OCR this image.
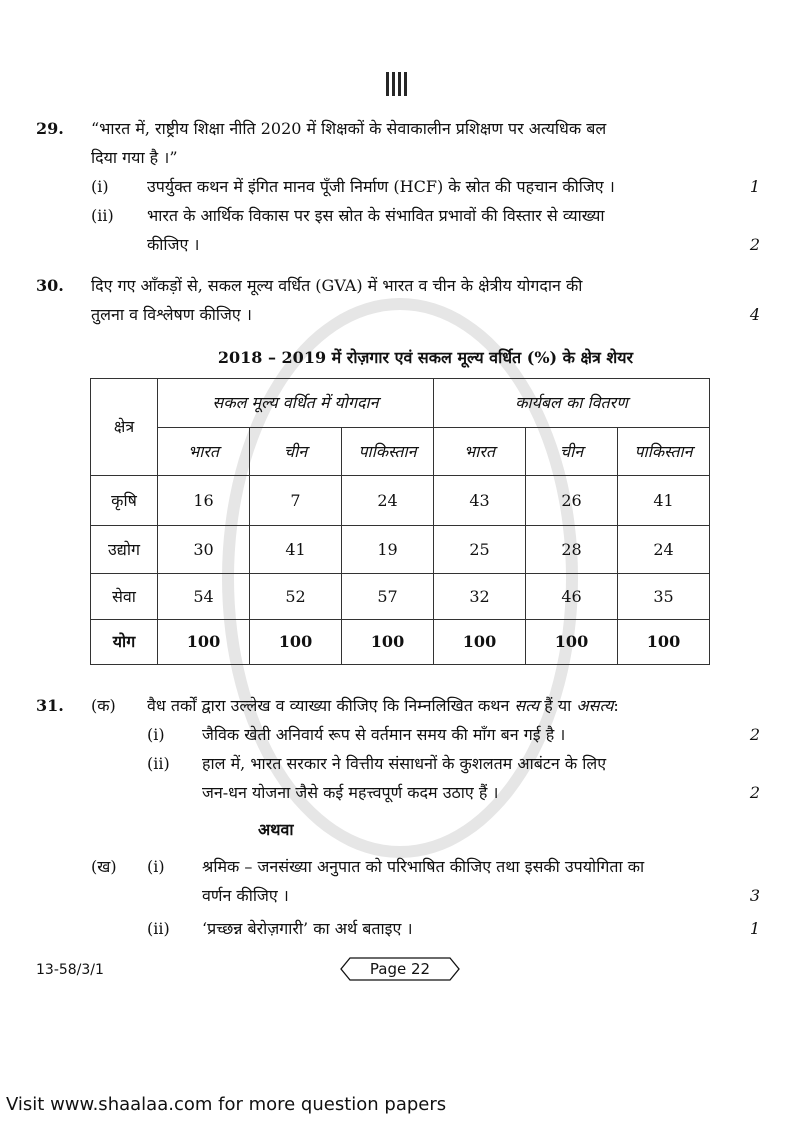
29.	“भारत में, राष्ट्रीय शिक्षा नीति 2020 में शिक्षकों के सेवाकालीन प्रशिक्षण पर अत्यधिक बल
दिया गया है ।”
(i)	उपर्युक्त कथन में इंगित मानव पूँजी निर्माण (HCF) के स्रोत की पहचान कीजिए ।	1
(ii)	भारत के आर्थिक विकास पर इस स्रोत के संभावित प्रभावों की विस्तार से व्याख्या
कीजिए ।	2
30.	दिए गए आँकड़ों से, सकल मूल्य वर्धित (GVA) में भारत व चीन के क्षेत्रीय योगदान की
तुलना व विश्लेषण कीजिए ।	4
2018 – 2019 में रोज़गार एवं सकल मूल्य वर्धित (%) के क्षेत्र शेयर
क्षेत्र	सकल मूल्य वर्धित में योगदान			कार्यबल का वितरण		
	भारत	चीन	पाकिस्तान	भारत	चीन	पाकिस्तान
कृषि	16	7	24	43	26	41
उद्योग	30	41	19	25	28	24
सेवा	54	52	57	32	46	35
योग	100	100	100	100	100	100
31.	(क)	वैध तर्कों द्वारा उल्लेख व व्याख्या कीजिए कि निम्नलिखित कथन सत्य हैं या असत्य:
(i)	जैविक खेती अनिवार्य रूप से वर्तमान समय की माँग बन गई है ।	2
(ii)	हाल में, भारत सरकार ने वित्तीय संसाधनों के कुशलतम आबंटन के लिए
जन-धन योजना जैसे कई महत्त्वपूर्ण कदम उठाए हैं ।	2
अथवा
(ख)	(i)	श्रमिक – जनसंख्या अनुपात को परिभाषित कीजिए तथा इसकी उपयोगिता का
वर्णन कीजिए ।	3
(ii)	‘प्रच्छन्न बेरोज़गारी’ का अर्थ बताइए ।	1
13-58/3/1	Page 22
Visit www.shaalaa.com for more question papers
